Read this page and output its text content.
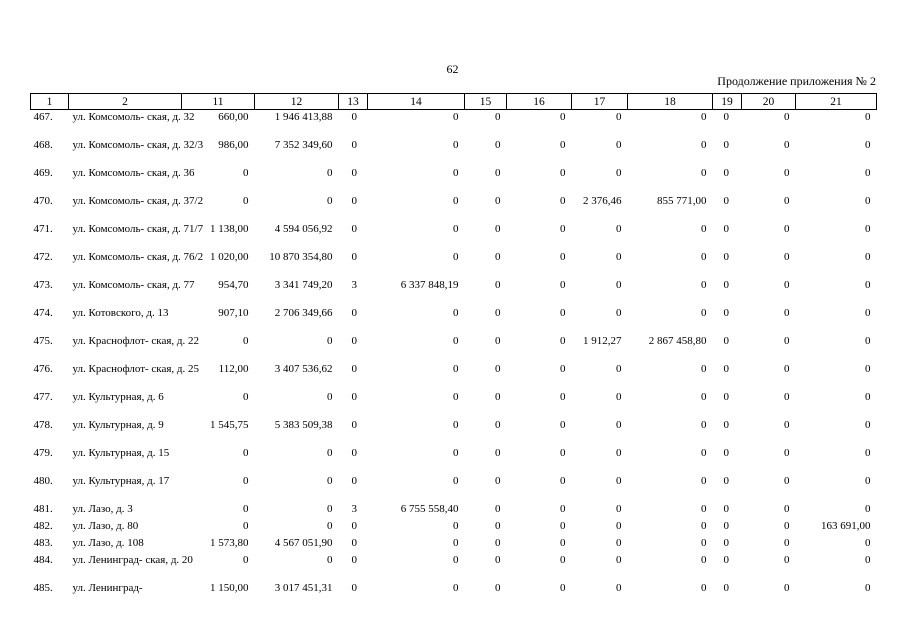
62
Продолжение приложения № 2
1	2	11	12	13	14	15	16	17	18	19	20	21
467.	ул. Комсомоль- ская, д. 32	660,00	1 946 413,88	0	0	0	0	0	0	0	0	0
468.	ул. Комсомоль- ская, д. 32/3	986,00	7 352 349,60	0	0	0	0	0	0	0	0	0
469.	ул. Комсомоль- ская, д. 36	0	0	0	0	0	0	0	0	0	0	0
470.	ул. Комсомоль- ская, д. 37/2	0	0	0	0	0	0	2 376,46	855 771,00	0	0	0
471.	ул. Комсомоль- ская, д. 71/7	1 138,00	4 594 056,92	0	0	0	0	0	0	0	0	0
472.	ул. Комсомоль- ская, д. 76/2	1 020,00	10 870 354,80	0	0	0	0	0	0	0	0	0
473.	ул. Комсомоль- ская, д. 77	954,70	3 341 749,20	3	6 337 848,19	0	0	0	0	0	0	0
474.	ул. Котовского, д. 13	907,10	2 706 349,66	0	0	0	0	0	0	0	0	0
475.	ул. Краснофлот- ская, д. 22	0	0	0	0	0	0	1 912,27	2 867 458,80	0	0	0
476.	ул. Краснофлот- ская, д. 25	112,00	3 407 536,62	0	0	0	0	0	0	0	0	0
477.	ул. Культурная, д. 6	0	0	0	0	0	0	0	0	0	0	0
478.	ул. Культурная, д. 9	1 545,75	5 383 509,38	0	0	0	0	0	0	0	0	0
479.	ул. Культурная, д. 15	0	0	0	0	0	0	0	0	0	0	0
480.	ул. Культурная, д. 17	0	0	0	0	0	0	0	0	0	0	0
481.	ул. Лазо, д. 3	0	0	3	6 755 558,40	0	0	0	0	0	0	0
482.	ул. Лазо, д. 80	0	0	0	0	0	0	0	0	0	0	163 691,00
483.	ул. Лазо, д. 108	1 573,80	4 567 051,90	0	0	0	0	0	0	0	0	0
484.	ул. Ленинград- ская, д. 20	0	0	0	0	0	0	0	0	0	0	0
485.	ул. Ленинград-	1 150,00	3 017 451,31	0	0	0	0	0	0	0	0	0
